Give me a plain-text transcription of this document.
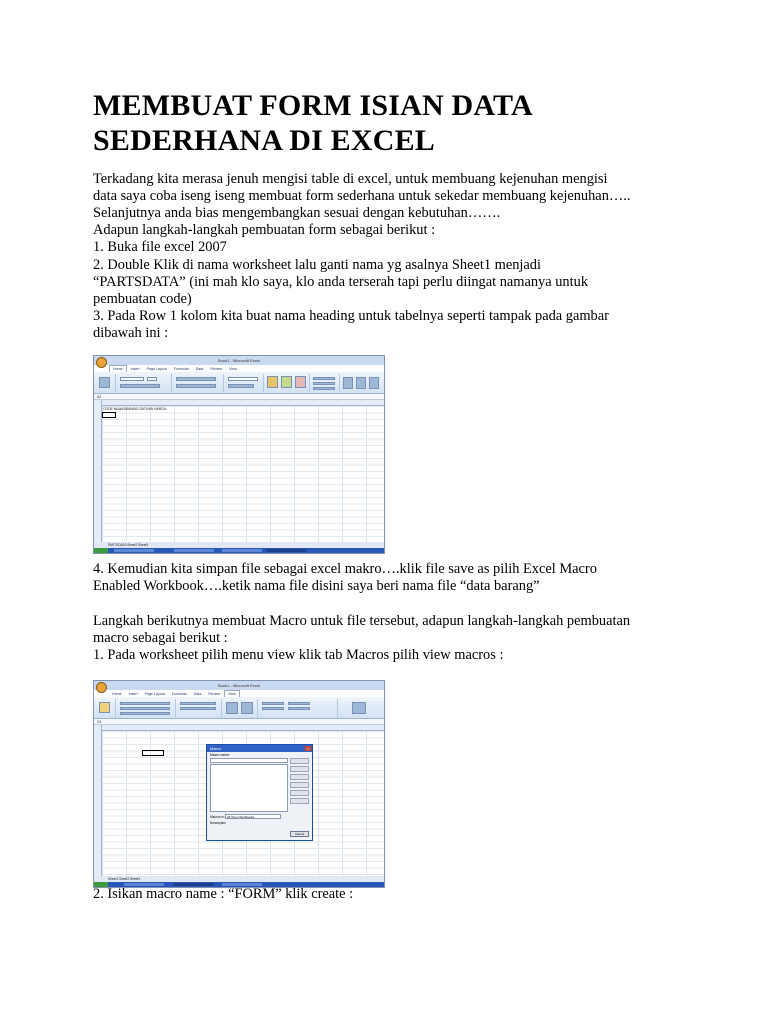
MEMBUAT FORM ISIAN DATA SEDERHANA DI EXCEL
Terkadang kita merasa jenuh mengisi table di excel, untuk membuang kejenuhan mengisi
data saya coba iseng iseng membuat form sederhana untuk sekedar membuang kejenuhan…..
Selanjutnya anda bias mengembangkan sesuai dengan kebutuhan…….
Adapun langkah-langkah pembuatan form sebagai berikut :
1. Buka file excel 2007
2. Double Klik di nama worksheet lalu ganti nama yg asalnya Sheet1 menjadi
“PARTSDATA” (ini mah klo saya, klo anda terserah tapi perlu diingat namanya untuk
pembuatan code)
3. Pada Row 1 kolom kita buat nama heading untuk tabelnya seperti tampak pada gambar
dibawah ini :
Book1 - Microsoft Excel
Home Insert Page Layout Formulas Data Review View
A2
CODE NAMA BARANG SATUAN HARGA
PARTSDATA Sheet2 Sheet3
4. Kemudian kita simpan file sebagai excel makro….klik file save as pilih Excel Macro
Enabled Workbook….ketik nama file disini saya beri nama file “data barang”
Langkah berikutnya membuat Macro untuk file tersebut, adapun langkah-langkah pembuatan
macro sebagai berikut :
1. Pada worksheet pilih menu view klik tab Macros pilih view macros :
Book1 - Microsoft Excel
Home Insert Page Layout Formulas Data Review View
C4
Macro	×
Macro name:
Macros in: All Open Workbooks
Description
Cancel
Sheet1 Sheet2 Sheet3
2. Isikan macro name : “FORM” klik create :
